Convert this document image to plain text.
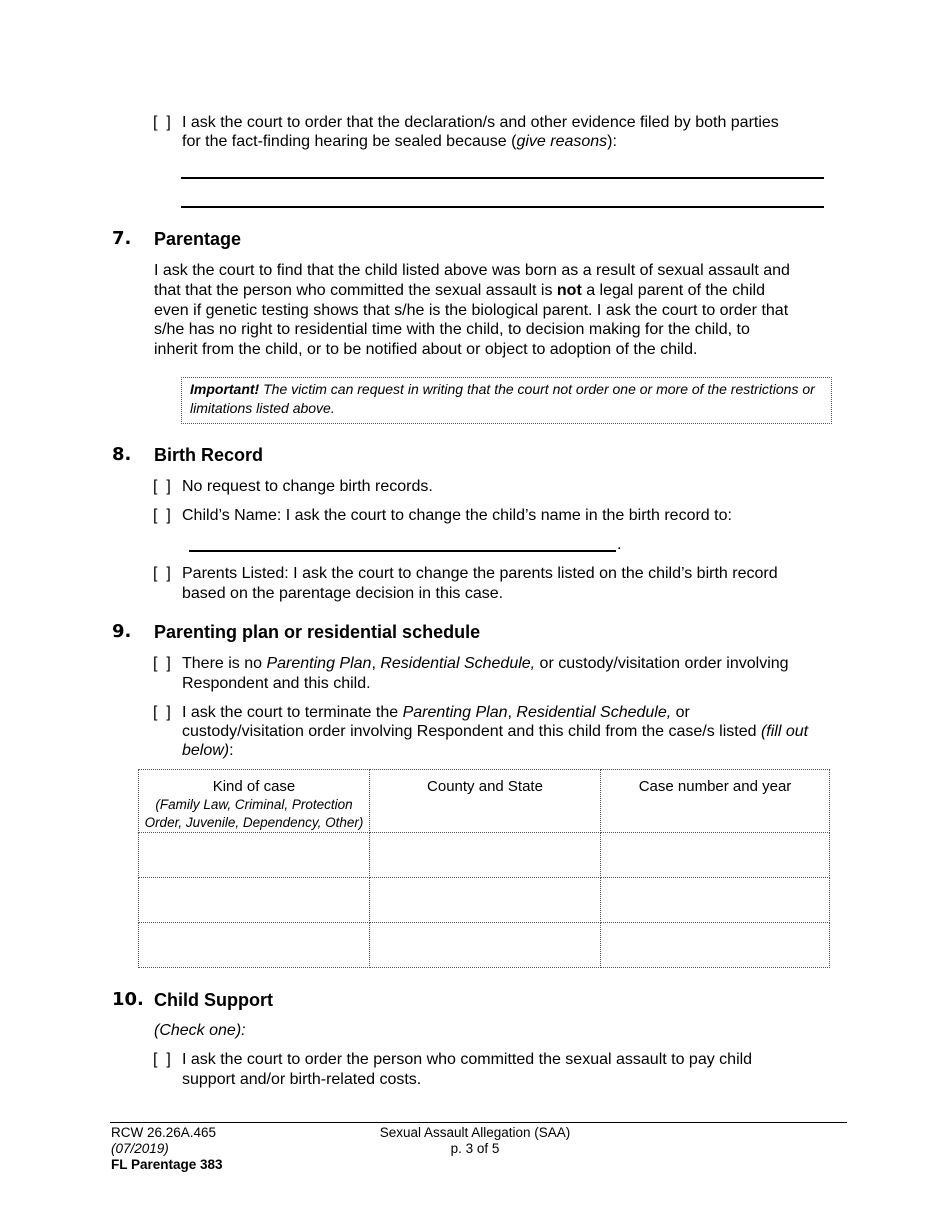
[  ] I ask the court to order that the declaration/s and other evidence filed by both parties
for the fact-finding hearing be sealed because (give reasons):
7. Parentage
I ask the court to find that the child listed above was born as a result of sexual assault and
that that the person who committed the sexual assault is not a legal parent of the child
even if genetic testing shows that s/he is the biological parent. I ask the court to order that
s/he has no right to residential time with the child, to decision making for the child, to
inherit from the child, or to be notified about or object to adoption of the child.
Important! The victim can request in writing that the court not order one or more of the restrictions or limitations listed above.
8. Birth Record
[  ] No request to change birth records.
[  ] Child’s Name: I ask the court to change the child’s name in the birth record to:
.
[  ] Parents Listed: I ask the court to change the parents listed on the child’s birth record
based on the parentage decision in this case.
9. Parenting plan or residential schedule
[  ] There is no Parenting Plan, Residential Schedule, or custody/visitation order involving
Respondent and this child.
[  ] I ask the court to terminate the Parenting Plan, Residential Schedule, or
custody/visitation order involving Respondent and this child from the case/s listed (fill out
below):
Kind of case
(Family Law, Criminal, Protection
Order, Juvenile, Dependency, Other)	County and State	Case number and year

10. Child Support
(Check one):
[  ] I ask the court to order the person who committed the sexual assault to pay child
support and/or birth-related costs.
RCW 26.26A.465
(07/2019)
FL Parentage 383
Sexual Assault Allegation (SAA)
p. 3 of 5
